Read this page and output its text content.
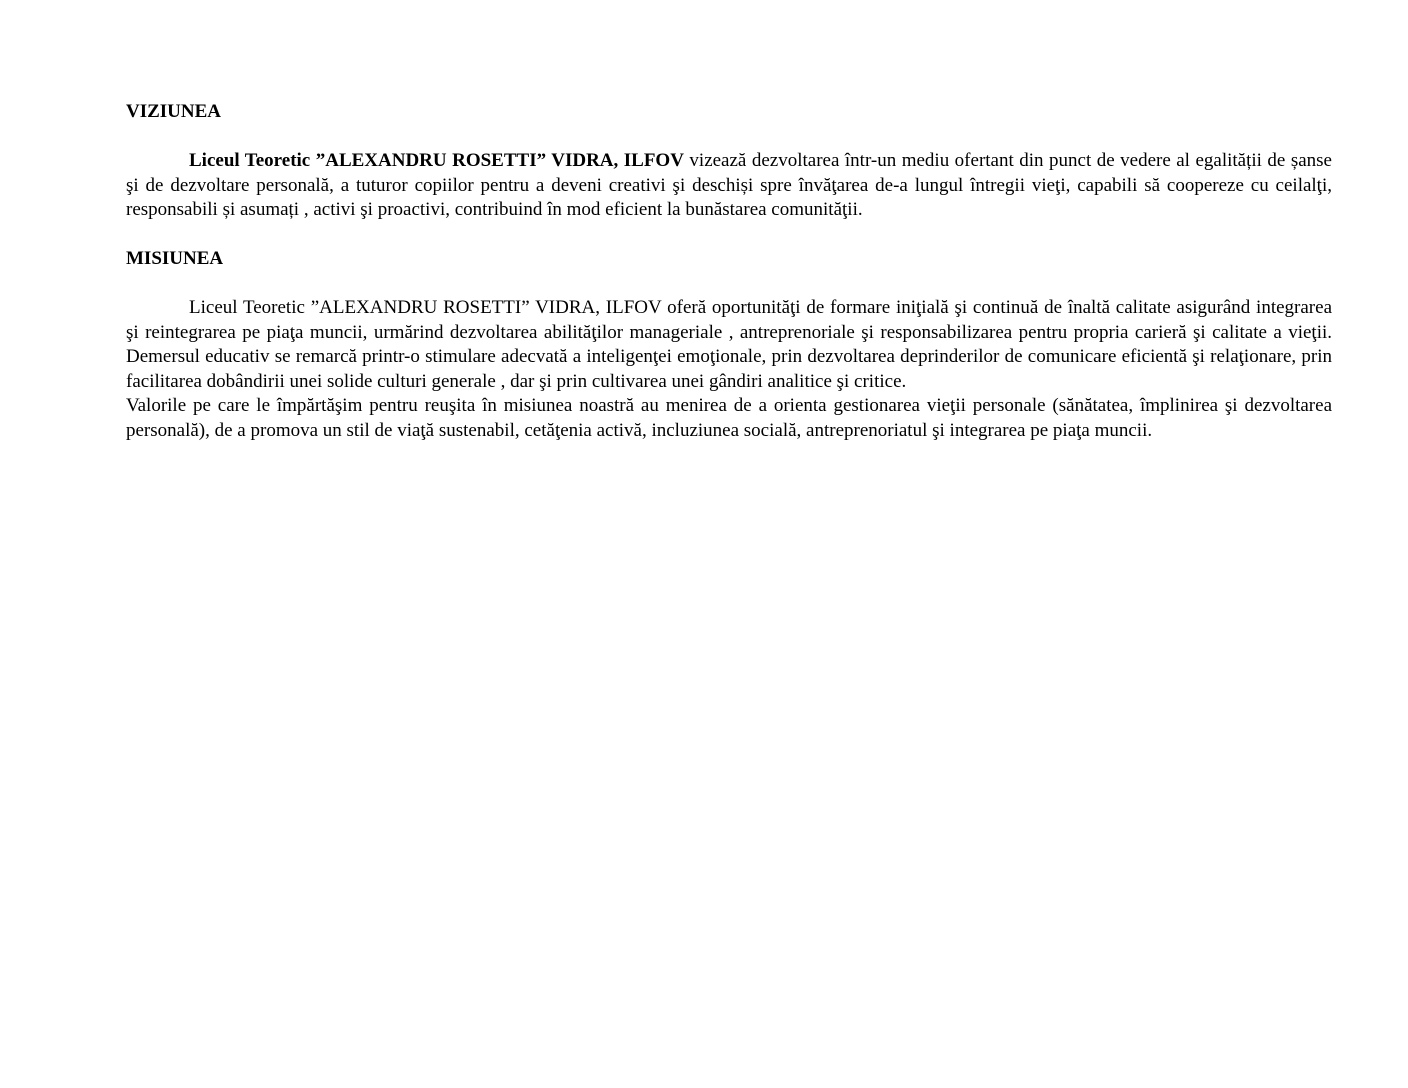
VIZIUNEA

Liceul Teoretic ”ALEXANDRU ROSETTI” VIDRA, ILFOV vizează dezvoltarea într-un mediu ofertant din punct de vedere al egalității de șanse şi de dezvoltare personală, a tuturor copiilor pentru a deveni creativi şi deschiși spre învăţarea de-a lungul întregii vieţi, capabili să coopereze cu ceilalţi, responsabili și asumați , activi şi proactivi, contribuind în mod eficient la bunăstarea comunităţii.

MISIUNEA

Liceul Teoretic ”ALEXANDRU ROSETTI” VIDRA, ILFOV oferă oportunităţi de formare iniţială şi continuă de înaltă calitate asigurând integrarea şi reintegrarea pe piaţa muncii, urmărind dezvoltarea abilităţilor manageriale , antreprenoriale şi responsabilizarea pentru propria carieră şi calitate a vieţii. Demersul educativ se remarcă printr-o stimulare adecvată a inteligenţei emoţionale, prin dezvoltarea deprinderilor de comunicare eficientă şi relaţionare, prin facilitarea dobândirii unei solide culturi generale , dar şi prin cultivarea unei gândiri analitice şi critice.

Valorile pe care le împărtăşim pentru reuşita în misiunea noastră au menirea de a orienta gestionarea vieţii personale (sănătatea, împlinirea şi dezvoltarea personală), de a promova un stil de viaţă sustenabil, cetăţenia activă, incluziunea socială, antreprenoriatul şi integrarea pe piaţa muncii.
